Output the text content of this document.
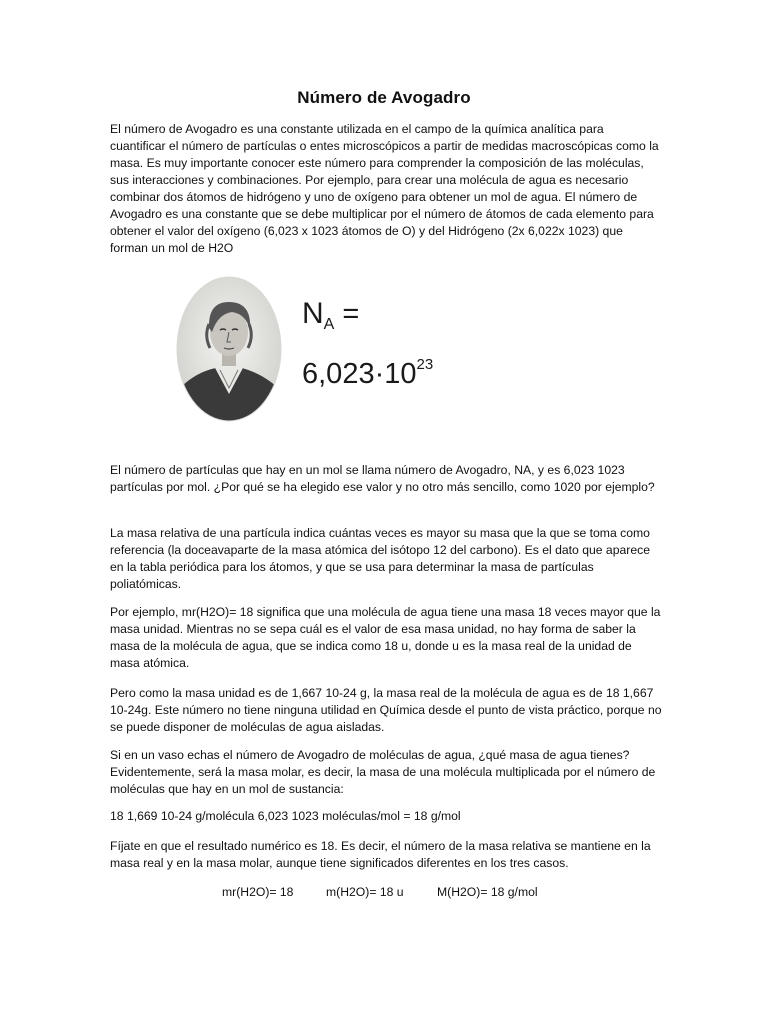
Número de Avogadro

El número de Avogadro es una constante utilizada en el campo de la química analítica para cuantificar el número de partículas o entes microscópicos a partir de medidas macroscópicas como la masa. Es muy importante conocer este número para comprender la composición de las moléculas, sus interacciones y combinaciones. Por ejemplo, para crear una molécula de agua es necesario combinar dos átomos de hidrógeno y uno de oxígeno para obtener un mol de agua. El número de Avogadro es una constante que se debe multiplicar por el número de átomos de cada elemento para obtener el valor del oxígeno (6,023 x 1023 átomos de O) y del Hidrógeno (2x 6,022x 1023) que forman un mol de H2O

$N_A$ =
$6,023\cdot 10^{23}$

El número de partículas que hay en un mol se llama número de Avogadro, NA, y es 6,023 1023 partículas por mol. ¿Por qué se ha elegido ese valor y no otro más sencillo, como 1020 por ejemplo?

La masa relativa de una partícula indica cuántas veces es mayor su masa que la que se toma como referencia (la doceavaparte de la masa atómica del isótopo 12 del carbono). Es el dato que aparece en la tabla periódica para los átomos, y que se usa para determinar la masa de partículas poliatómicas.

Por ejemplo, mr(H2O)= 18 significa que una molécula de agua tiene una masa 18 veces mayor que la masa unidad. Mientras no se sepa cuál es el valor de esa masa unidad, no hay forma de saber la masa de la molécula de agua, que se indica como 18 u, donde u es la masa real de la unidad de masa atómica.

Pero como la masa unidad es de 1,667 10-24 g, la masa real de la molécula de agua es de 18 1,667 10-24g. Este número no tiene ninguna utilidad en Química desde el punto de vista práctico, porque no se puede disponer de moléculas de agua aisladas.

Si en un vaso echas el número de Avogadro de moléculas de agua, ¿qué masa de agua tienes? Evidentemente, será la masa molar, es decir, la masa de una molécula multiplicada por el número de moléculas que hay en un mol de sustancia:

18 1,669 10-24 g/molécula 6,023 1023 moléculas/mol = 18 g/mol

Fíjate en que el resultado numérico es 18. Es decir, el número de la masa relativa se mantiene en la masa real y en la masa molar, aunque tiene significados diferentes en los tres casos.

mr(H2O)= 18	m(H2O)= 18 u	M(H2O)= 18 g/mol
